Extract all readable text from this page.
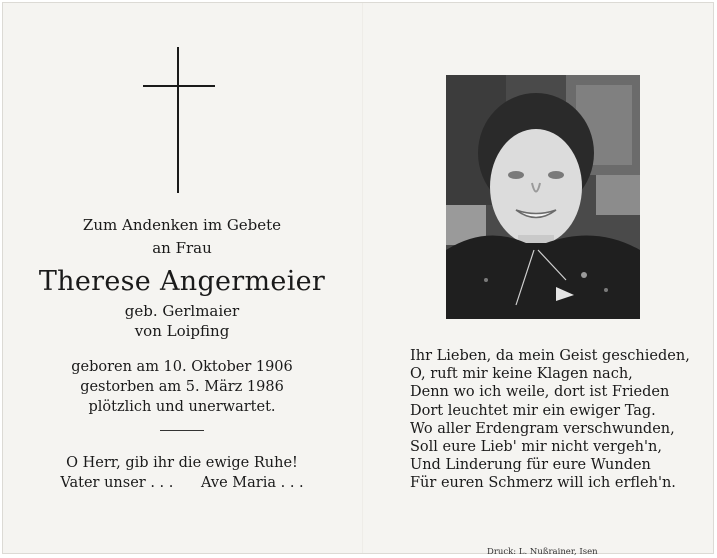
Zum Andenken im Gebete
an Frau
Therese Angermeier
geb. Gerlmaier
von Loipfing
geboren am 10. Oktober 1906
gestorben am 5. März 1986
plötzlich und unerwartet.
O Herr, gib ihr die ewige Ruhe!
Vater unser . . .      Ave Maria . . .
Ihr Lieben, da mein Geist geschieden,
O, ruft mir keine Klagen nach,
Denn wo ich weile, dort ist Frieden
Dort leuchtet mir ein ewiger Tag.
Wo aller Erdengram verschwunden,
Soll eure Lieb' mir nicht vergeh'n,
Und Linderung für eure Wunden
Für euren Schmerz will ich erfleh'n.
Druck: L. Nußrainer, Isen
